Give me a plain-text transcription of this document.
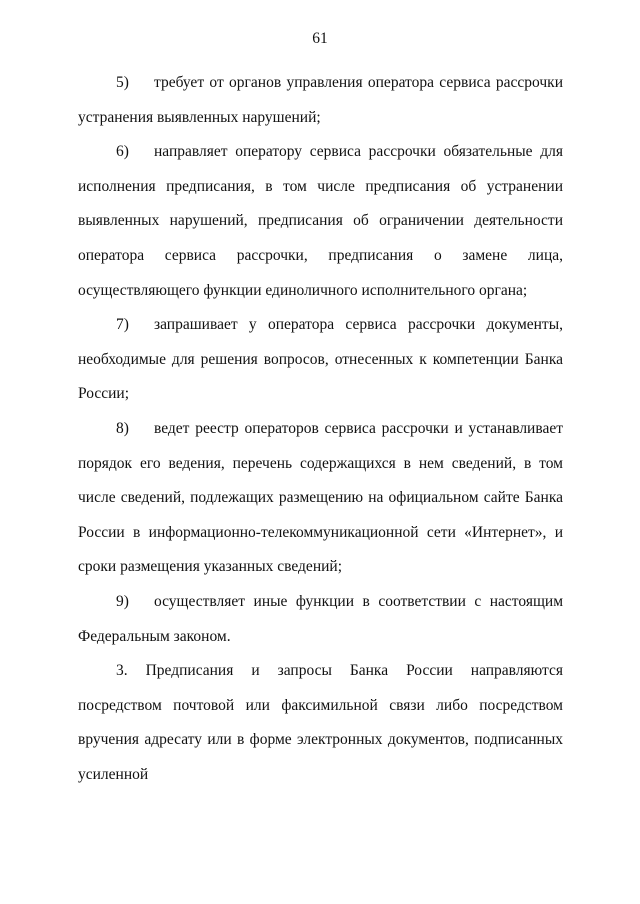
61

5) требует от органов управления оператора сервиса рассрочки устранения выявленных нарушений;

6) направляет оператору сервиса рассрочки обязательные для исполнения предписания, в том числе предписания об устранении выявленных нарушений, предписания об ограничении деятельности оператора сервиса рассрочки, предписания о замене лица, осуществляющего функции единоличного исполнительного органа;

7) запрашивает у оператора сервиса рассрочки документы, необходимые для решения вопросов, отнесенных к компетенции Банка России;

8) ведет реестр операторов сервиса рассрочки и устанавливает порядок его ведения, перечень содержащихся в нем сведений, в том числе сведений, подлежащих размещению на официальном сайте Банка России в информационно-телекоммуникационной сети «Интернет», и сроки размещения указанных сведений;

9) осуществляет иные функции в соответствии с настоящим Федеральным законом.

3. Предписания и запросы Банка России направляются посредством почтовой или факсимильной связи либо посредством вручения адресату или в форме электронных документов, подписанных усиленной
